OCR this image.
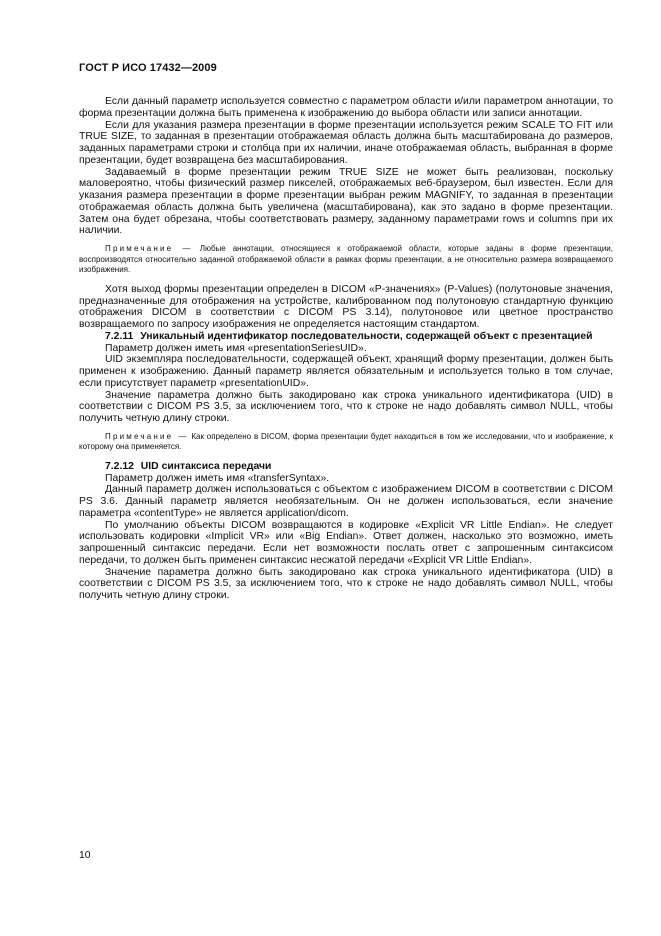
ГОСТ Р ИСО 17432—2009

Если данный параметр используется совместно с параметром области и/или параметром аннотации, то форма презентации должна быть применена к изображению до выбора области или записи аннотации.

Если для указания размера презентации в форме презентации используется режим SCALE TO FIT или TRUE SIZE, то заданная в презентации отображаемая область должна быть масштабирована до размеров, заданных параметрами строки и столбца при их наличии, иначе отображаемая область, выбранная в форме презентации, будет возвращена без масштабирования.

Задаваемый в форме презентации режим TRUE SIZE не может быть реализован, поскольку маловероятно, чтобы физический размер пикселей, отображаемых веб-браузером, был известен. Если для указания размера презентации в форме презентации выбран режим MAGNIFY, то заданная в презентации отображаемая область должна быть увеличена (масштабирована), как это задано в форме презентации. Затем она будет обрезана, чтобы соответствовать размеру, заданному параметрами rows и columns при их наличии.

Примечание — Любые аннотации, относящиеся к отображаемой области, которые заданы в форме презентации, воспроизводятся относительно заданной отображаемой области в рамках формы презентации, а не относительно размера возвращаемого изображения.

Хотя выход формы презентации определен в DICOM «P-значениях» (P-Values) (полутоновые значения, предназначенные для отображения на устройстве, калиброванном под полутоновую стандартную функцию отображения DICOM в соответствии с DICOM PS 3.14), полутоновое или цветное пространство возвращаемого по запросу изображения не определяется настоящим стандартом.

7.2.11 Уникальный идентификатор последовательности, содержащей объект с презентацией

Параметр должен иметь имя «presentationSeriesUID».

UID экземпляра последовательности, содержащей объект, хранящий форму презентации, должен быть применен к изображению. Данный параметр является обязательным и используется только в том случае, если присутствует параметр «presentationUID».

Значение параметра должно быть закодировано как строка уникального идентификатора (UID) в соответствии с DICOM PS 3.5, за исключением того, что к строке не надо добавлять символ NULL, чтобы получить четную длину строки.

Примечание — Как определено в DICOM, форма презентации будет находиться в том же исследовании, что и изображение, к которому она применяется.

7.2.12 UID синтаксиса передачи

Параметр должен иметь имя «transferSyntax».

Данный параметр должен использоваться с объектом с изображением DICOM в соответствии с DICOM PS 3.6. Данный параметр является необязательным. Он не должен использоваться, если значение параметра «contentType» не является application/dicom.

По умолчанию объекты DICOM возвращаются в кодировке «Explicit VR Little Endian». Не следует использовать кодировки «Implicit VR» или «Big Endian». Ответ должен, насколько это возможно, иметь запрошенный синтаксис передачи. Если нет возможности послать ответ с запрошенным синтаксисом передачи, то должен быть применен синтаксис несжатой передачи «Explicit VR Little Endian».

Значение параметра должно быть закодировано как строка уникального идентификатора (UID) в соответствии с DICOM PS 3.5, за исключением того, что к строке не надо добавлять символ NULL, чтобы получить четную длину строки.

10
